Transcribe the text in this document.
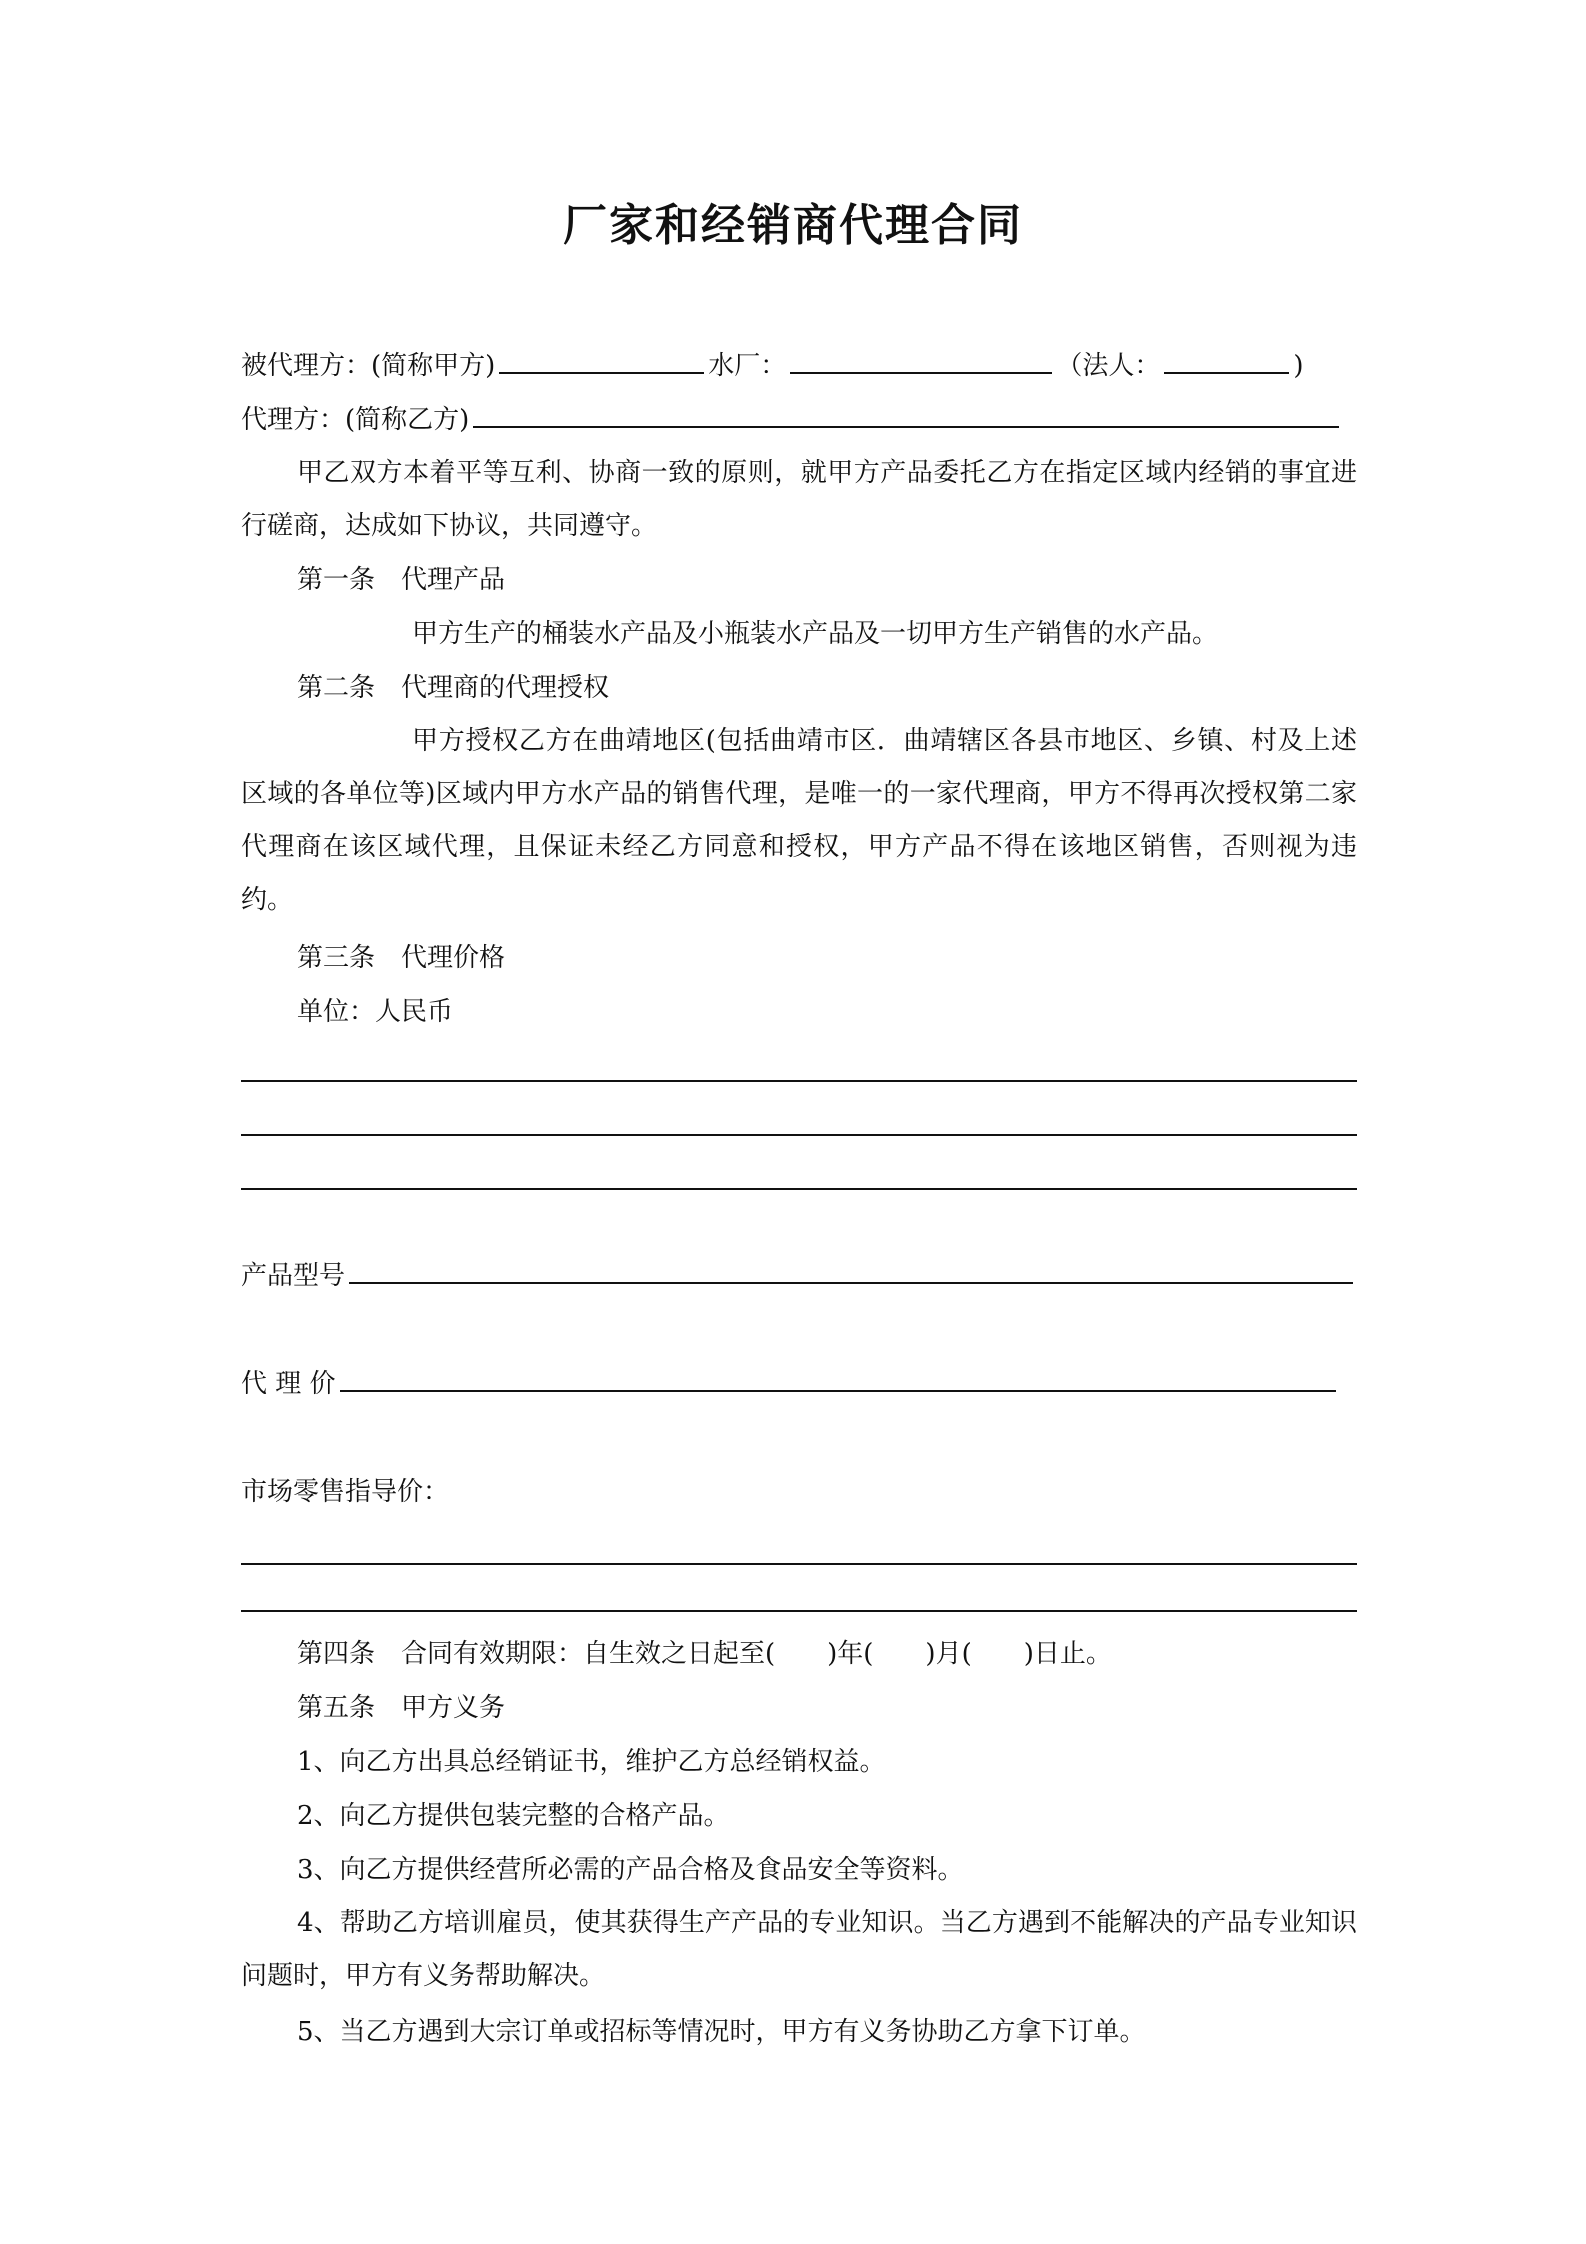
厂家和经销商代理合同
被代理方：(简称甲方)	水厂：	（法人：	)
代理方：(简称乙方)
甲乙双方本着平等互利、协商一致的原则，就甲方产品委托乙方在指定区域内经销的事宜进行磋商，达成如下协议，共同遵守。
第一条　代理产品
甲方生产的桶装水产品及小瓶装水产品及一切甲方生产销售的水产品。
第二条　代理商的代理授权
甲方授权乙方在曲靖地区(包括曲靖市区．曲靖辖区各县市地区、乡镇、村及上述区域的各单位等)区域内甲方水产品的销售代理，是唯一的一家代理商，甲方不得再次授权第二家代理商在该区域代理，且保证未经乙方同意和授权，甲方产品不得在该地区销售，否则视为违约。
第三条　代理价格
单位：人民币
产品型号
代 理 价
市场零售指导价：
第四条　合同有效期限：自生效之日起至(　　)年(　　)月(　　)日止。
第五条　甲方义务
1、向乙方出具总经销证书，维护乙方总经销权益。
2、向乙方提供包装完整的合格产品。
3、向乙方提供经营所必需的产品合格及食品安全等资料。
4、帮助乙方培训雇员，使其获得生产产品的专业知识。当乙方遇到不能解决的产品专业知识问题时，甲方有义务帮助解决。
5、当乙方遇到大宗订单或招标等情况时，甲方有义务协助乙方拿下订单。
